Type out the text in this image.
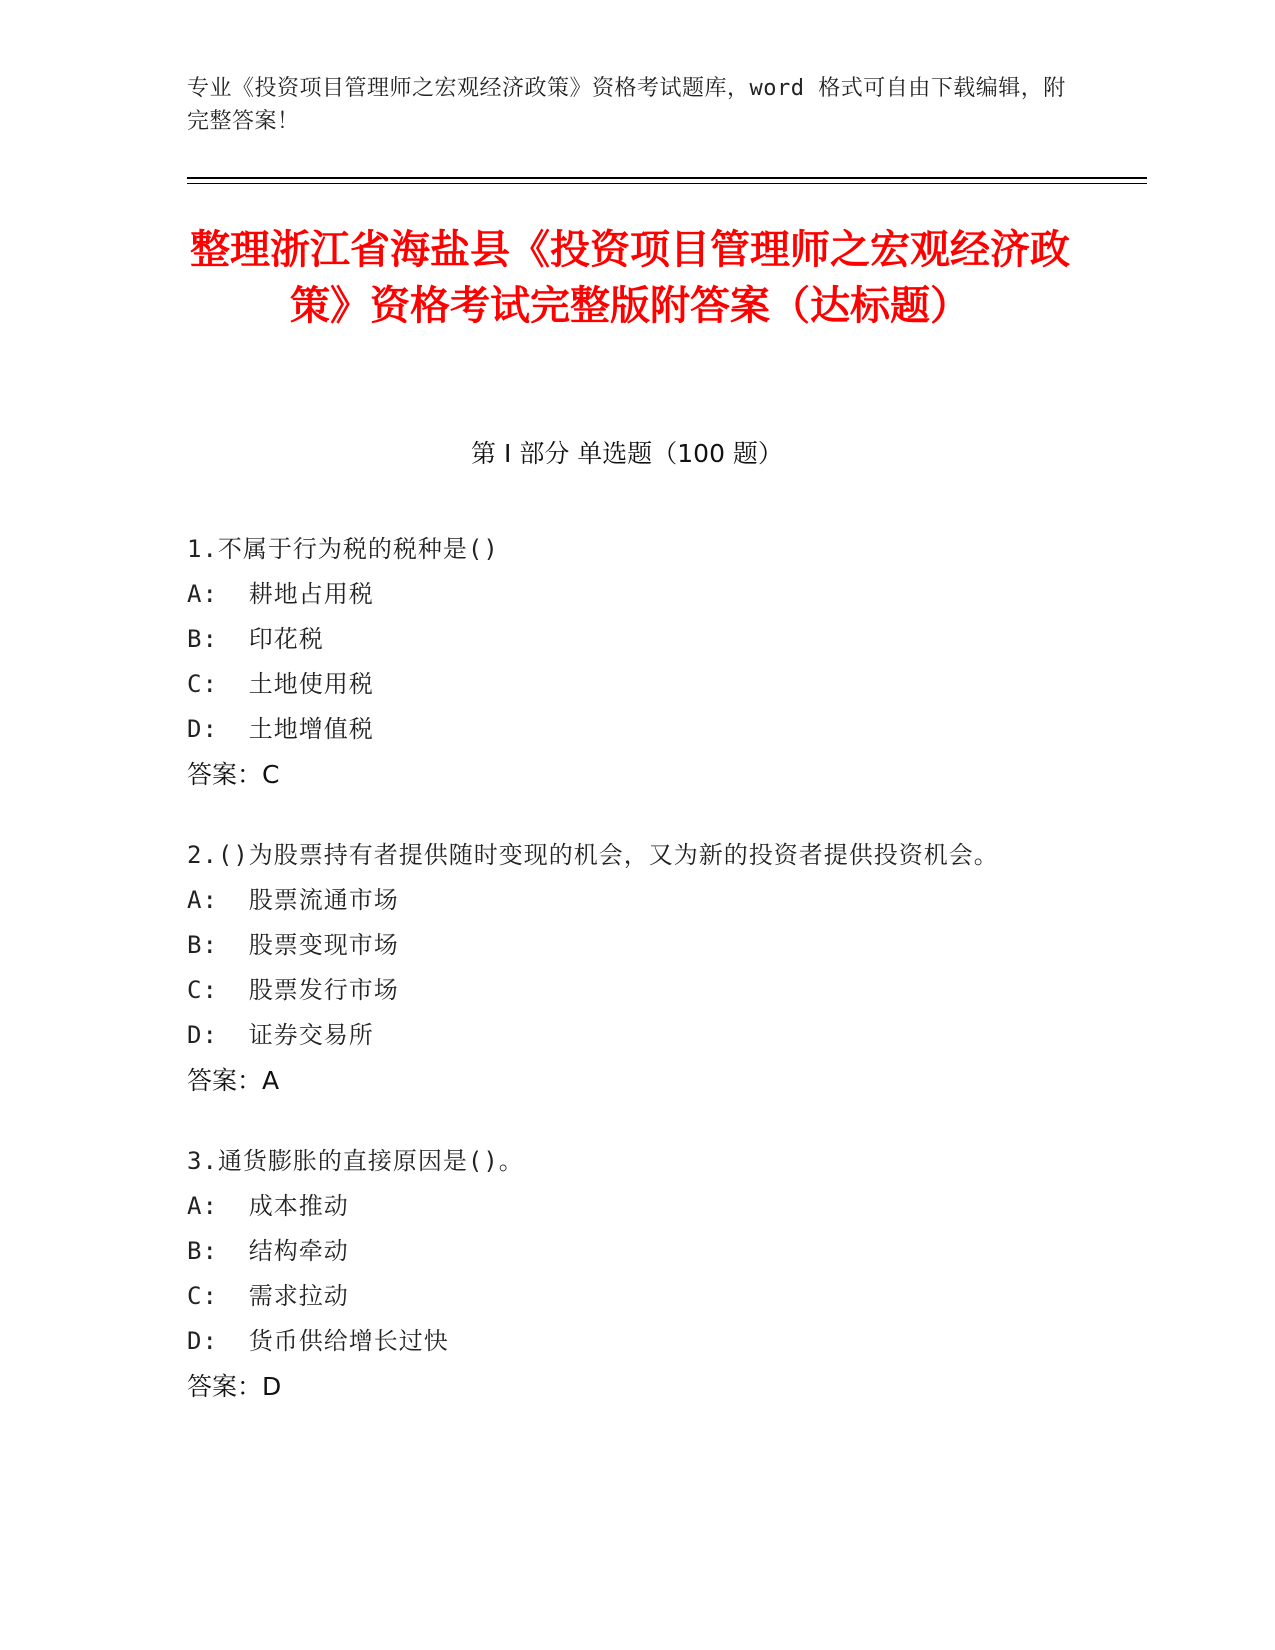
专业《投资项目管理师之宏观经济政策》资格考试题库，word 格式可自由下载编辑，附完整答案！
整理浙江省海盐县《投资项目管理师之宏观经济政策》资格考试完整版附答案（达标题）
第 I 部分 单选题（100 题）
1.不属于行为税的税种是()
A:  耕地占用税
B:  印花税
C:  土地使用税
D:  土地增值税
答案：C
2.()为股票持有者提供随时变现的机会，又为新的投资者提供投资机会。
A:  股票流通市场
B:  股票变现市场
C:  股票发行市场
D:  证券交易所
答案：A
3.通货膨胀的直接原因是()。
A:  成本推动
B:  结构牵动
C:  需求拉动
D:  货币供给增长过快
答案：D
